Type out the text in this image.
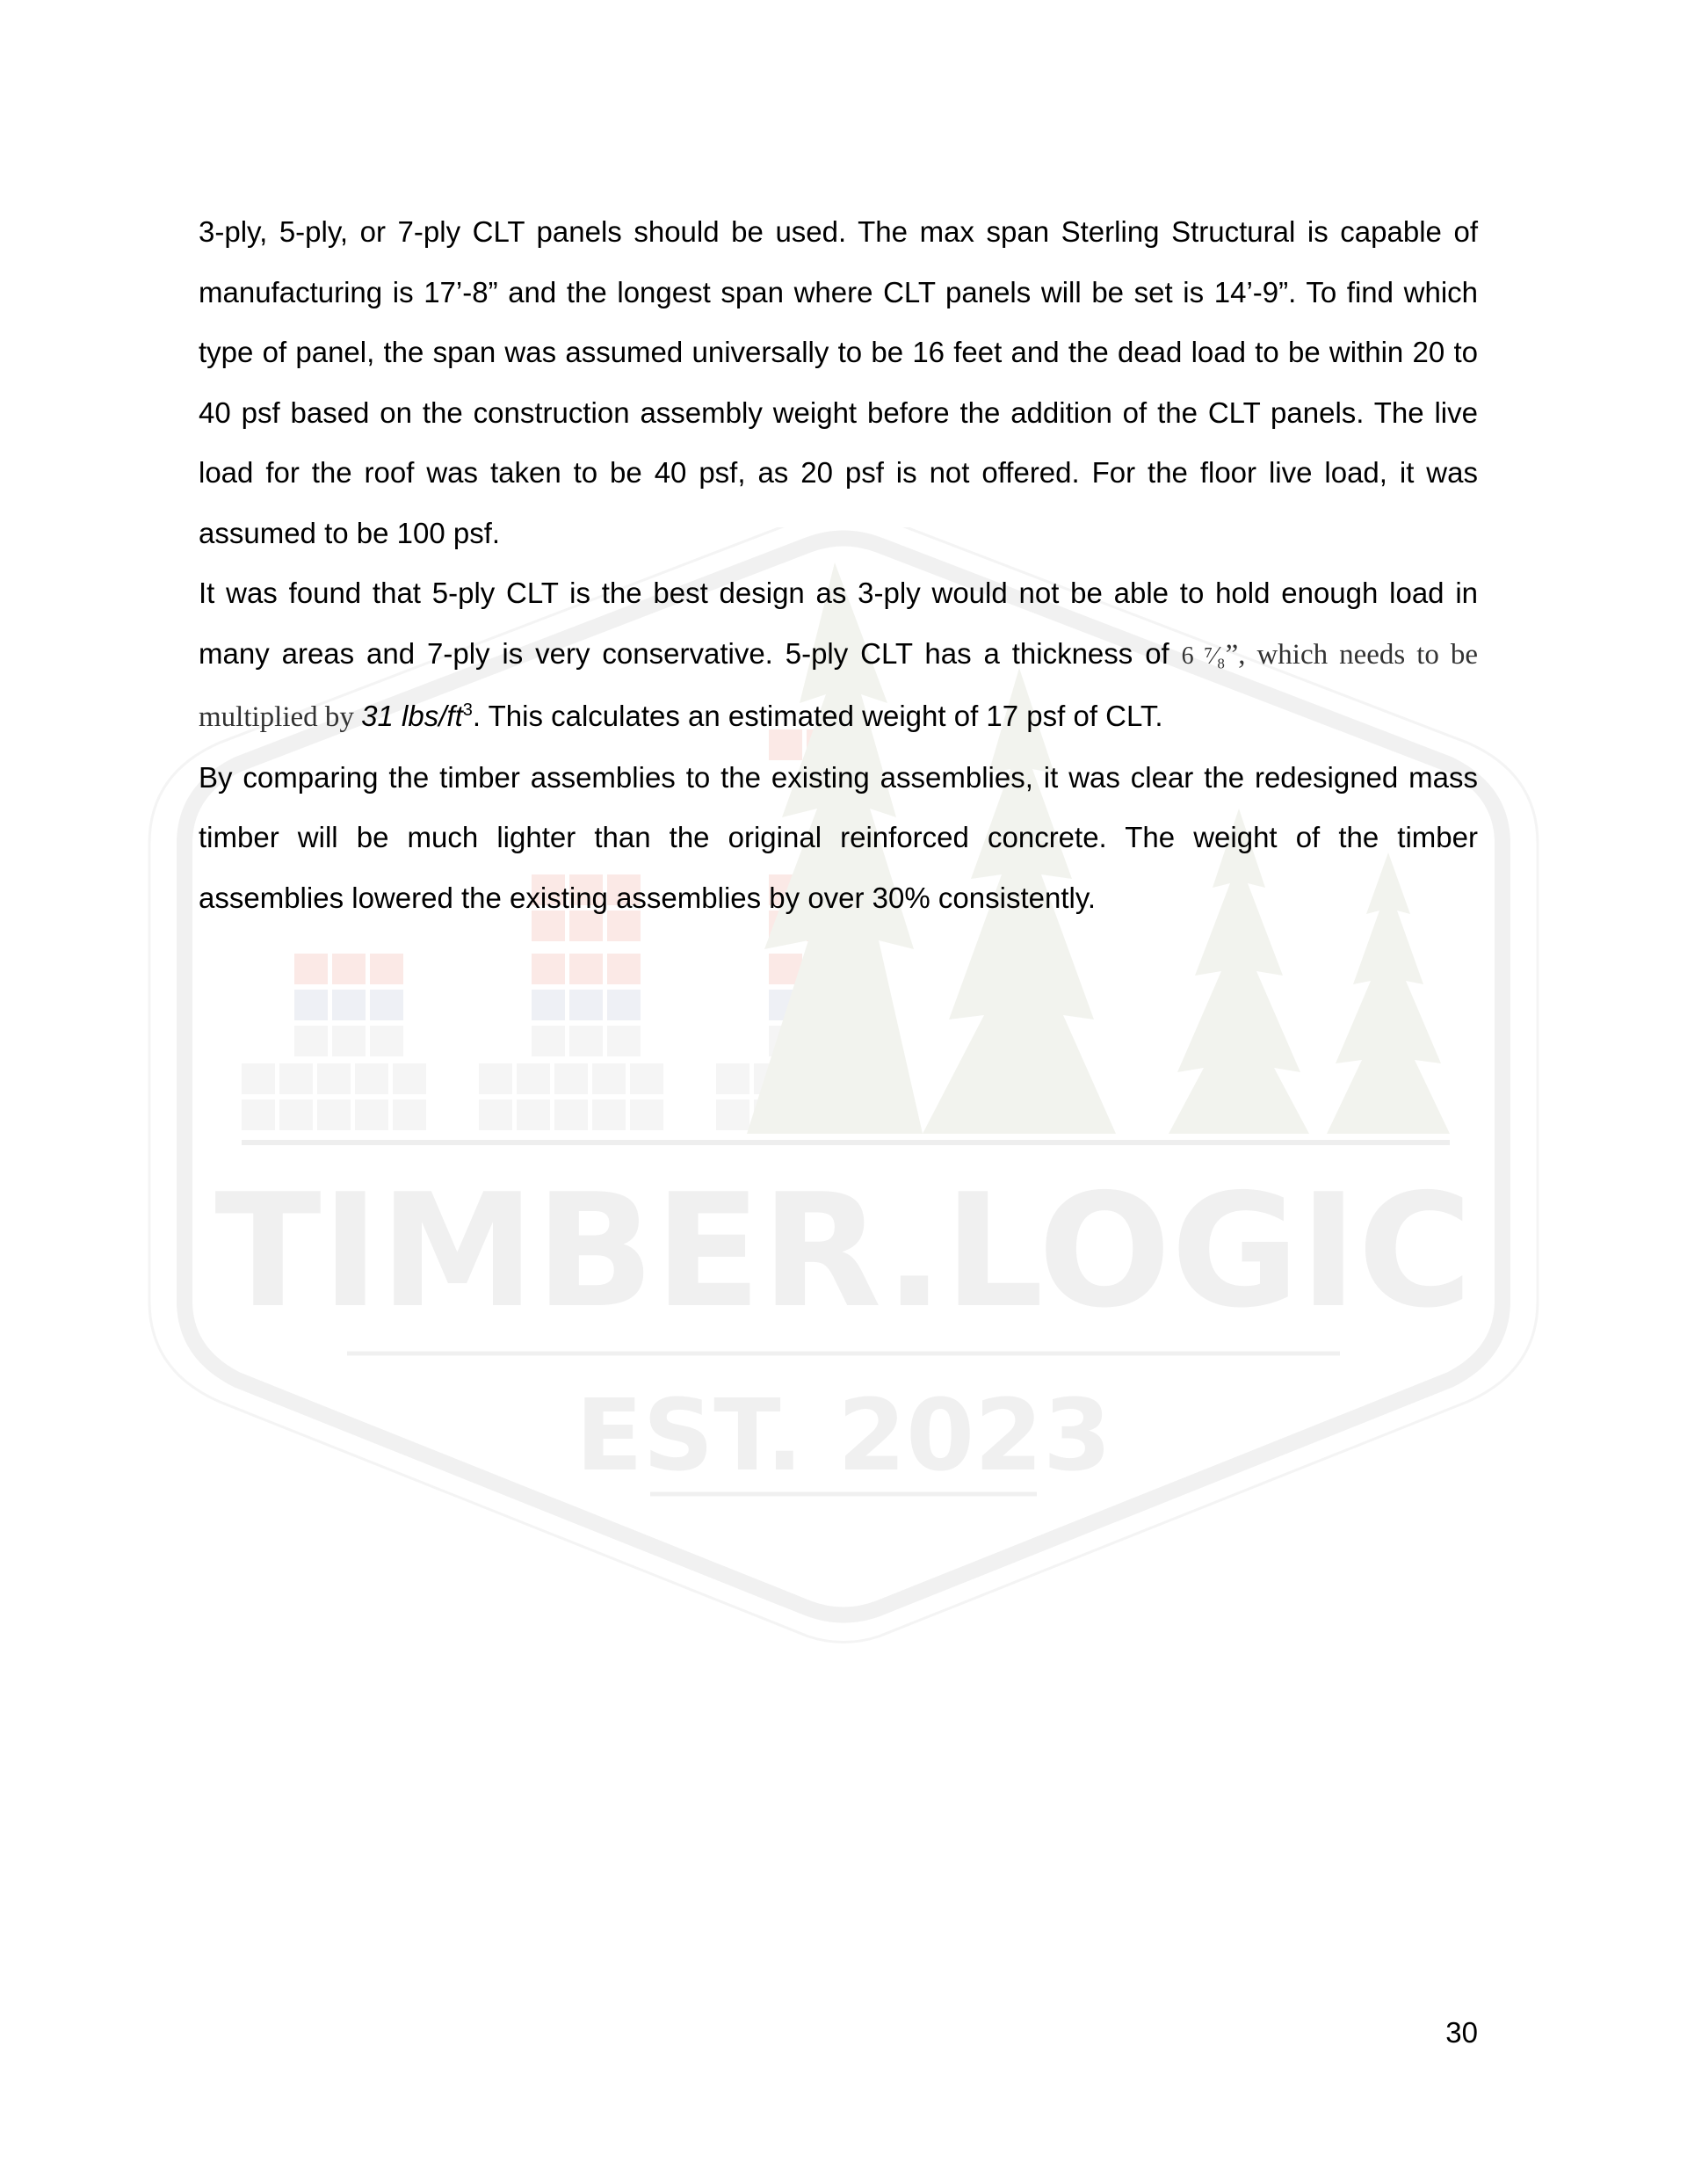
TIMBER.LOGIC
EST. 2023

3-ply, 5-ply, or 7-ply CLT panels should be used. The max span Sterling Structural is capable of manufacturing is 17’-8” and the longest span where CLT panels will be set is 14’-9”. To find which type of panel, the span was assumed universally to be 16 feet and the dead load to be within 20 to 40 psf based on the construction assembly weight before the addition of the CLT panels. The live load for the roof was taken to be 40 psf, as 20 psf is not offered. For the floor live load, it was assumed to be 100 psf.

It was found that 5-ply CLT is the best design as 3-ply would not be able to hold enough load in many areas and 7-ply is very conservative. 5-ply CLT has a thickness of 6 ⁷⁄₈”, which needs to be multiplied by 31 lbs/$ft^3$. This calculates an estimated weight of 17 psf of CLT.

By comparing the timber assemblies to the existing assemblies, it was clear the redesigned mass timber will be much lighter than the original reinforced concrete. The weight of the timber assemblies lowered the existing assemblies by over 30% consistently.

30
